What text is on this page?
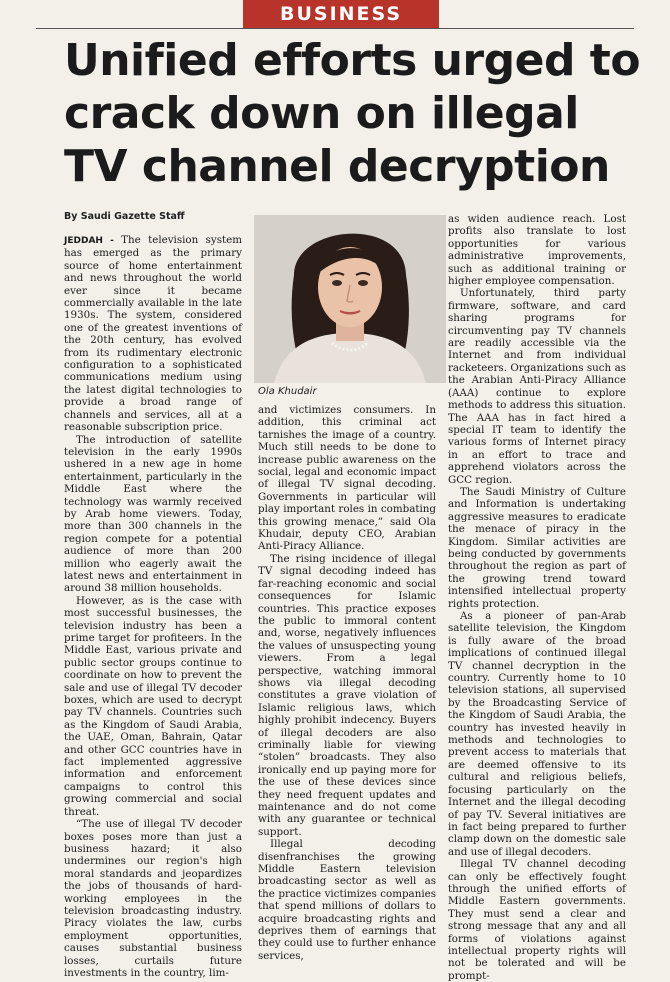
BUSINESS
Unified efforts urged to
crack down on illegal
TV channel decryption
By Saudi Gazette Staff

JEDDAH - The television system has emerged as the primary source of home entertainment and news throughout the world ever since it became commercially available in the late 1930s. The system, considered one of the greatest inventions of the 20th century, has evolved from its rudimentary electronic configuration to a sophisticated communications medium using the latest digital technologies to provide a broad range of channels and services, all at a reasonable subscription price.

The introduction of satellite television in the early 1990s ushered in a new age in home entertainment, particularly in the Middle East where the technology was warmly received by Arab home viewers. Today, more than 300 channels in the region compete for a potential audience of more than 200 million who eagerly await the latest news and entertainment in around 38 million households.

However, as is the case with most successful businesses, the television industry has been a prime target for profiteers. In the Middle East, various private and public sector groups continue to coordinate on how to prevent the sale and use of illegal TV decoder boxes, which are used to decrypt pay TV channels. Countries such as the Kingdom of Saudi Arabia, the UAE, Oman, Bahrain, Qatar and other GCC countries have in fact implemented aggressive information and enforcement campaigns to control this growing commercial and social threat.

“The use of illegal TV decoder boxes poses more than just a business hazard; it also undermines our region's high moral standards and jeopardizes the jobs of thousands of hard-working employees in the television broadcasting industry. Piracy violates the law, curbs employment opportunities, causes substantial business losses, curtails future investments in the country, lim-

Ola Khudair

and victimizes consumers. In addition, this criminal act tarnishes the image of a country. Much still needs to be done to increase public awareness on the social, legal and economic impact of illegal TV signal decoding. Governments in particular will play important roles in combating this growing menace,” said Ola Khudair, deputy CEO, Arabian Anti-Piracy Alliance.

The rising incidence of illegal TV signal decoding indeed has far-reaching economic and social consequences for Islamic countries. This practice exposes the public to immoral content and, worse, negatively influences the values of unsuspecting young viewers. From a legal perspective, watching immoral shows via illegal decoding constitutes a grave violation of Islamic religious laws, which highly prohibit indecency. Buyers of illegal decoders are also criminally liable for viewing “stolen” broadcasts. They also ironically end up paying more for the use of these devices since they need frequent updates and maintenance and do not come with any guarantee or technical support.

Illegal decoding disenfranchises the growing Middle Eastern television broadcasting sector as well as the practice victimizes companies that spend millions of dollars to acquire broadcasting rights and deprives them of earnings that they could use to further enhance services,

as widen audience reach. Lost profits also translate to lost opportunities for various administrative improvements, such as additional training or higher employee compensation.

Unfortunately, third party firmware, software, and card sharing programs for circumventing pay TV channels are readily accessible via the Internet and from individual racketeers. Organizations such as the Arabian Anti-Piracy Alliance (AAA) continue to explore methods to address this situation. The AAA has in fact hired a special IT team to identify the various forms of Internet piracy in an effort to trace and apprehend violators across the GCC region.

The Saudi Ministry of Culture and Information is undertaking aggressive measures to eradicate the menace of piracy in the Kingdom. Similar activities are being conducted by governments throughout the region as part of the growing trend toward intensified intellectual property rights protection.

As a pioneer of pan-Arab satellite television, the Kingdom is fully aware of the broad implications of continued illegal TV channel decryption in the country. Currently home to 10 television stations, all supervised by the Broadcasting Service of the Kingdom of Saudi Arabia, the country has invested heavily in methods and technologies to prevent access to materials that are deemed offensive to its cultural and religious beliefs, focusing particularly on the Internet and the illegal decoding of pay TV. Several initiatives are in fact being prepared to further clamp down on the domestic sale and use of illegal decoders.

Illegal TV channel decoding can only be effectively fought through the unified efforts of Middle Eastern governments. They must send a clear and strong message that any and all forms of violations against intellectual property rights will not be tolerated and will be prompt-
